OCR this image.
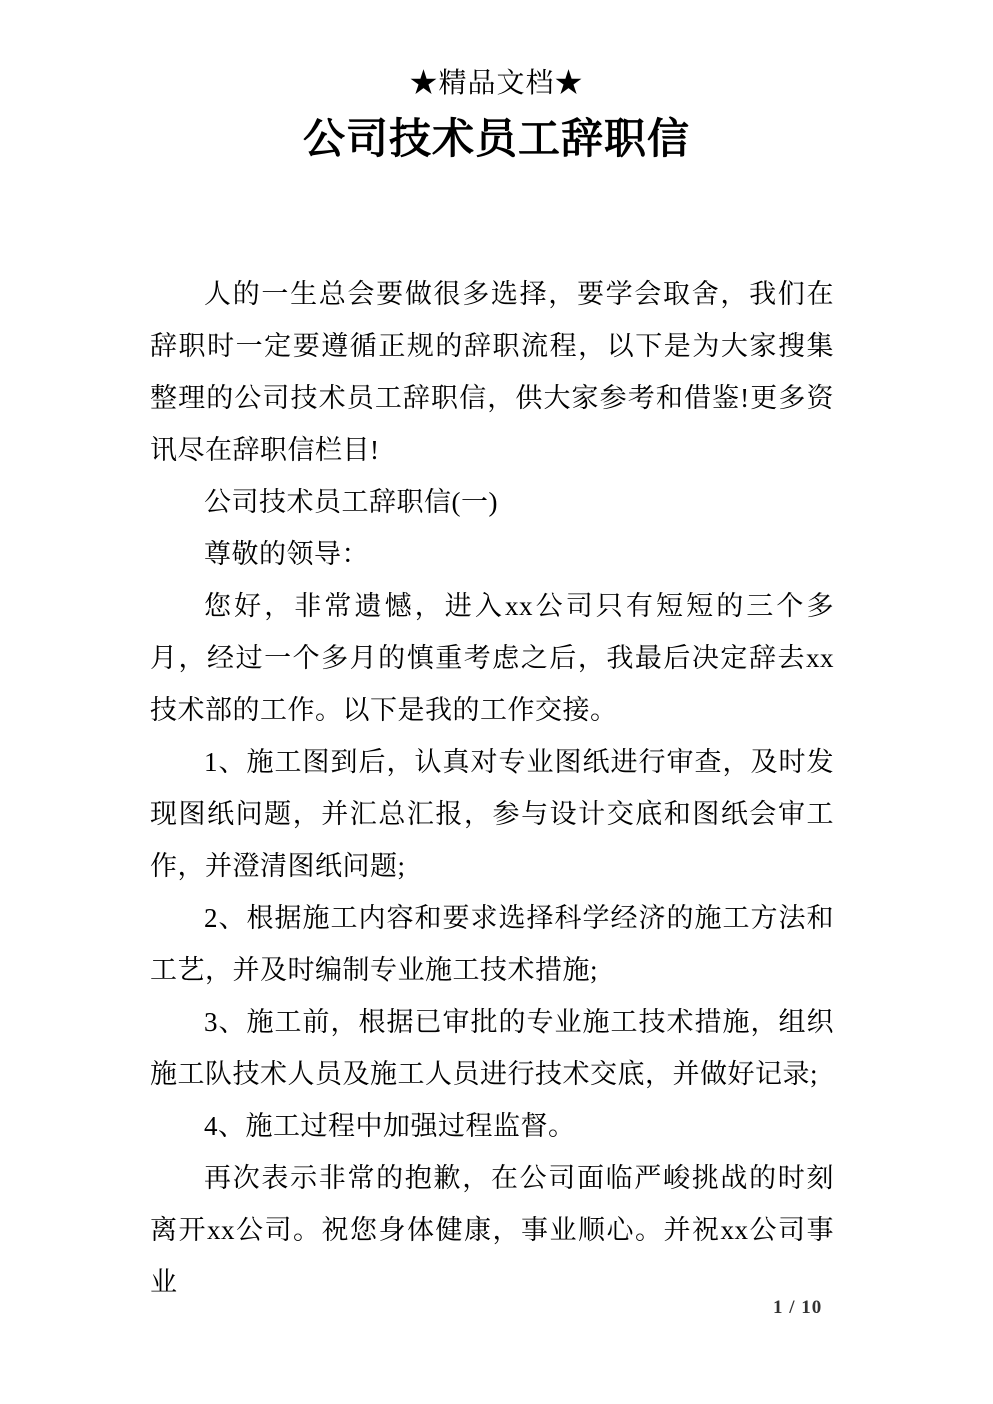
★精品文档★
公司技术员工辞职信

人的一生总会要做很多选择，要学会取舍，我们在辞职时一定要遵循正规的辞职流程，以下是为大家搜集整理的公司技术员工辞职信，供大家参考和借鉴!更多资讯尽在辞职信栏目!

公司技术员工辞职信(一)

尊敬的领导：

您好，非常遗憾，进入xx公司只有短短的三个多月，经过一个多月的慎重考虑之后，我最后决定辞去xx技术部的工作。以下是我的工作交接。

1、施工图到后，认真对专业图纸进行审查，及时发现图纸问题，并汇总汇报，参与设计交底和图纸会审工作，并澄清图纸问题;

2、根据施工内容和要求选择科学经济的施工方法和工艺，并及时编制专业施工技术措施;

3、施工前，根据已审批的专业施工技术措施，组织施工队技术人员及施工人员进行技术交底，并做好记录;

4、施工过程中加强过程监督。

再次表示非常的抱歉，在公司面临严峻挑战的时刻离开xx公司。祝您身体健康，事业顺心。并祝xx公司事业

1 / 10
